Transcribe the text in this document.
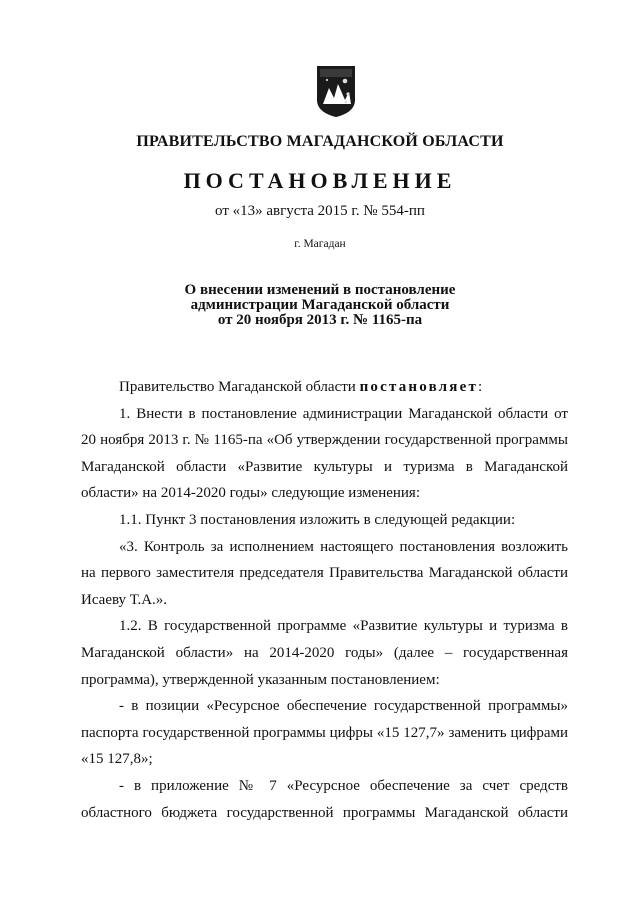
ПРАВИТЕЛЬСТВО МАГАДАНСКОЙ ОБЛАСТИ
ПОСТАНОВЛЕНИЕ
от «13» августа 2015 г. № 554-пп
г. Магадан
О внесении изменений в постановление
администрации Магаданской области
от 20 ноября 2013 г. № 1165-па
Правительство Магаданской области постановляет:
1. Внести в постановление администрации Магаданской области от 20 ноября 2013 г. № 1165-па «Об утверждении государственной программы Магаданской области «Развитие культуры и туризма в Магаданской области» на 2014-2020 годы» следующие изменения:
1.1. Пункт 3 постановления изложить в следующей редакции:
«3. Контроль за исполнением настоящего постановления возложить на первого заместителя председателя Правительства Магаданской области Исаеву Т.А.».
1.2. В государственной программе «Развитие культуры и туризма в Магаданской области» на 2014-2020 годы» (далее – государственная программа), утвержденной указанным постановлением:
- в позиции «Ресурсное обеспечение государственной программы» паспорта государственной программы цифры «15 127,7» заменить цифрами «15 127,8»;
- в приложение № 7 «Ресурсное обеспечение за счет средств областного бюджета государственной программы Магаданской области
